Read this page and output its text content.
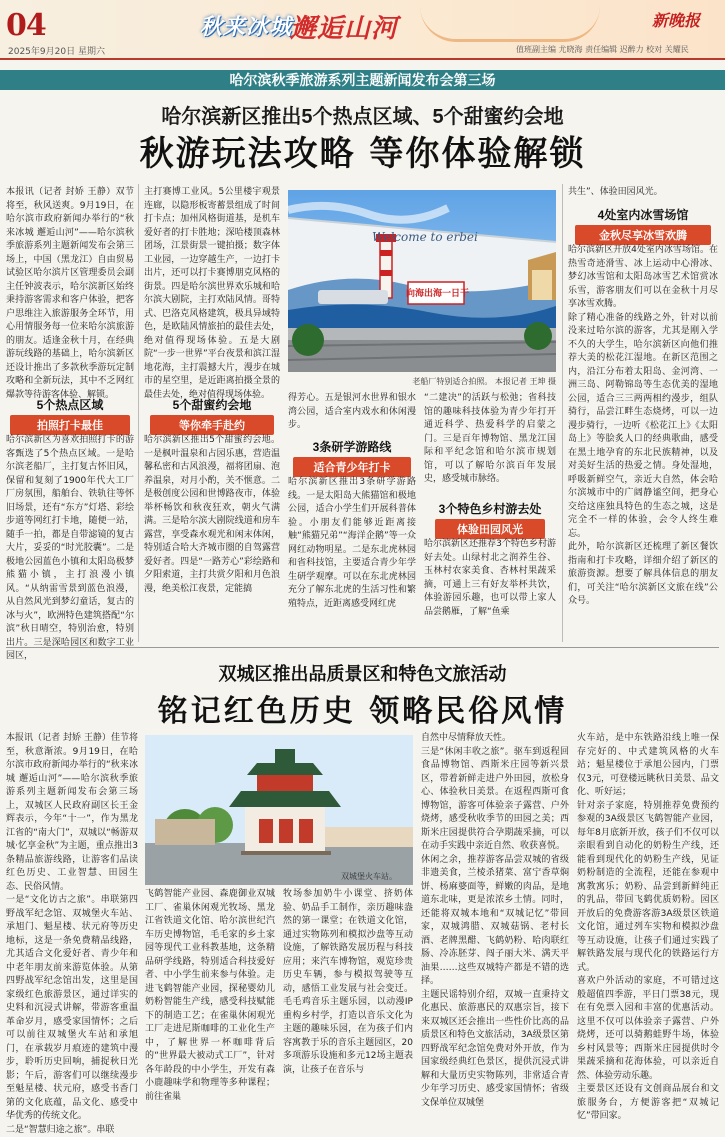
04
2025年9月20日 星期六
秋来冰城
邂逅山河	新晚报
值班副主编 尤晓海 责任编辑 迟醉力 校对 关耀民
哈尔滨秋季旅游系列主题新闻发布会第三场
哈尔滨新区推出5个热点区域、5个甜蜜约会地
秋游玩法攻略 等你体验解锁
本报讯（记者 封娇 王静）双节将至，秋风送爽。9月19日，在哈尔滨市政府新闻办举行的“秋来冰城 邂逅山河”——哈尔滨秋季旅游系列主题新闻发布会第三场上，中国（黑龙江）自由贸易试验区哈尔滨片区管理委员会副主任钟波表示，哈尔滨新区始终秉持游客需求和客户体验，把客户思维注入旅游服务全环节，用心用情服务每一位来哈尔滨旅游的朋友。适逢金秋十月，在经典游玩线路的基础上，哈尔滨新区还设计推出了多款秋季游玩定制攻略和全新玩法，其中不乏网红爆款等待游客体验、解锁。
5个热点区域
拍照打卡最佳
哈尔滨新区为喜欢拍照打卡的游客甄选了5个热点区域。一是哈尔滨老船厂，主打复古怀旧风，保留和复刻了1900年代大工厂厂房氛围，船舶台、铁轨往等怀旧场景，还有“东方”灯塔、彩绘步道等网红打卡地，随便一站，随手一拍，都是自带滤镜的复古大片，妥妥的“时光胶囊”。二是极地公园蓝色小镇和太阳岛极梦熊猫小镇，主打浪漫小镇风。“从纳雷雪景到蓝色浪漫，从自然风光到梦幻童话，复古的冰与火”，欧洲特色建筑搭配“尔滨”秋日晴空，特别治愈，特别出片。三是深哈园区和数字工业园区，
主打赛博工业风。5公里楼宇观景连廊，以隐形板寄蓄景组成了时间打卡点；加州风格街道基，是机车爱好者的打卡胜地；深哈楼顶森林团场，江景街景一键拍摄；数字体工业园，一边穿越生产，一边打卡出片，还可以打卡赛博朋克风格的街景。四是哈尔滨世界欢乐城和哈尔滨大剧院，主打欢陆风情。哥特式、巴洛克风格建筑，极具异域特色，是欧陆风情旅拍的最佳去处，绝对值得现场体验。五是大剧院“一步一世界”平台夜景和滨江湿地花海，主打震撼大片，漫步在城市的星空里，是近距离拍摄全景的最佳去处，绝对值得现场体验。
5个甜蜜约会地
等你牵手赴约
哈尔滨新区推出5个甜蜜约会地。一是枫叶温泉和占园乐惠，营造温馨私密和古风浪漫，福将团扇、泡养温泉，对月小酌，关不惬意。二是极创度公园和世博路夜市，体验举杯畅饮和秋夜狂欢，朝火气满满。三是哈尔滨大剧院线道和房车露营，享受森水观光和闲末体闲，特别适合哈大齐城市圈的自驾露营爱好者。四是“一路芳心”彩绘路和夕阳索道，主打共赏夕阳和月色浪漫，绝美松江夜景，定能搞
Welcome to erbei
向海出海一日干
老船厂特别适合拍照。 本报记者 王坤 摄
得芳心。五是银河水世界和银水湾公园，适合室内戏水和休闲漫步。
3条研学游路线
适合青少年打卡
哈尔滨新区推出3条研学游路线。一是太阳岛大熊猫馆和极地公园，适合小学生们开展科普体验。小朋友们能够近距离接触“熊猫兄弟”“海洋企鹅”等一众网红动物明星。二是东北虎林园和省科技馆，主要适合青少年学生研学观摩。可以在东北虎林园充分了解东北虎的生活习性和繁殖特点，近距离感受网红虎
“二建决”的活跃与松弛；省科技馆的趣味科技体验为青少年打开通近科学、热爱科学的启蒙之门。三是百年博物馆、黑龙江国际和平纪念馆和哈尔滨市规划馆，可以了解哈尔滨百年发展史，感受城市脉络。
3个特色乡村游去处
体验田园风光
哈尔滨新区还推荐3个特色乡村游好去处。山绿村北之润养生谷、玉林村农家美食、杏林村果蔬采摘，可通上三有好友举杯共饮，体验游园乐趣，也可以带上家人品尝鹅雁，了解“鱼乘
共生”、体验田园风光。
4处室内冰雪场馆
金秋尽享冰雪欢腾
哈尔滨新区开放4处室内冰雪场馆。在热雪奇迹滑雪、冰上运动中心滑冰、梦幻冰雪馆和太阳岛冰雪艺术馆赏冰乐雪，游客朋友们可以在金秋十月尽享冰雪欢腾。
除了精心准备的线路之外，针对以前没来过哈尔滨的游客，尤其是刚入学不久的大学生，哈尔滨新区向他们推荐大美的松花江湿地。在新区范围之内，沿江分布着太阳岛、金河湾、一洲三岛、阿勒锦岛等生态优美的湿地公园，适合三三两两相约漫步，组队骑行，品尝江畔生态烧烤，可以一边漫步骑行，一边听《松花江上》《太阳岛上》等脍炙人口的经典歌曲，感受在黑土地孕育的东北民族精神，以及对美好生活的热爱之情。身处湿地，呼吸新鲜空气，亲近大自然，体会哈尔滨城市中的广阔静谧空间，把身心交给这座独具特色的生态之城，这是完全不一样的体验，会令人终生难忘。
此外，哈尔滨新区还梳理了新区餐饮指南和打卡攻略，详细介绍了新区的旅游资源。想要了解具体信息的朋友们，可关注“哈尔滨新区文旅在线”公众号。
双城区推出品质景区和特色文旅活动
铭记红色历史 领略民俗风情
本报讯（记者 封娇 王静）佳节将至，秋意渐浓。9月19日，在哈尔滨市政府新闻办举行的“秋来冰城 邂逅山河”——哈尔滨秋季旅游系列主题新闻发布会第三场上，双城区人民政府副区长王金辉表示，今年“十一”，作为黑龙江省的“南大门”，双城以“畅游双城·忆享金秋”为主题，重点推出3条精品旅游线路，让游客们品读红色历史、工业智慧、田园生态、民俗风情。
一是“文化访古之旅”。串联第四野战军纪念馆、双城堡火车站、承旭门、魁星楼、状元府等历史地标，这是一条免费精品线路，尤其适合文化爱好者、青少年和中老年朋友前来游览体验。从第四野战军纪念馆出发，这里是国家级红色旅游景区，通过详实的史料和沉浸式讲解，带游客重温革命岁月，感受家国情怀；之后可以前往双城堡火车站和承旭门，在承载岁月痕迹的建筑中漫步，聆听历史回响，捕捉秋日光影；午后，游客们可以继续漫步至魁星楼、状元府，感受书香门第的文化底蕴，品文化、感受中华优秀的传统文化。
二是“智慧归途之旅”。串联
双城堡火车站。
飞鹤智能产业园、森鹿御业双城工厂、雀巢休闲观光牧场、黑龙江省铁道文化馆、哈尔滨世纪汽车历史博物馆，毛毛家的乡土家园等现代工业科教基地，这条精品研学线路，特别适合科技爱好者、中小学生前来参与体验。走进飞鹤智能产业园，探秘婴幼儿奶粉智能生产线，感受科技赋能下的制造工艺；在雀巢休闲观光工厂走进尼斯咖啡的工业化生产中，了解世界一杯咖啡背后的“世界最大被动式工厂”，针对各年龄段的中小学生，开发有森小鹿趣味学和物理等多种课程；前往雀巢
牧场参加奶牛小课堂、挤奶体验、奶品手工制作，亲历趣味盎然的第一课堂；在铁道文化馆，通过实物陈列和模拟沙盘等互动设施，了解铁路发展历程与科技应用；来汽车博物馆，观览珍贵历史车辆，参与模拟驾驶等互动，感悟工业发展与社会变迁。毛毛鸡音乐主题乐园，以动漫IP重构乡村学，打造以音乐文化为主题的趣味乐园，在为孩子们内容寓教于乐的音乐主题园区，20多项游乐设施和多元12场主题表演，让孩子在音乐与
自然中尽情释放天性。
三是“休闲丰收之旅”。驱车到返程回食品博物馆、西斯米庄园等新兴景区，带着新鲜走进户外田园，放松身心、体验秋日美景。在返程西斯可食博物馆，游客可体验亲子露营、户外烧烤，感受秋收季节的田园之美；西斯米庄园提供符合孕期蔬采摘，可以在动手实践中亲近自然、收获喜悦。
休闲之余，推荐游客品尝双城的省级非遗美食，兰棱杀猪菜、富宁香草焖饼、杨麻婆面等，鲜嫩的肉品，是地道东北味，更是浓浓乡土情。同时，还能将双城本地和“双城记忆”带回家，双城鸿腊、双城菇锅、老村长酒、老牌黑醋、飞鹤奶粉、哈肉联红肠、冷冻胚芽、闯子丽大米、满天平油果……这些双城特产都是不错的选择。
主题民谣特别介绍，双城一直秉持文化惠民、旅游惠民的双惠宗旨，接下来双城区还会推出一些性价比高的品质景区和特色文旅活动，3A级景区第四野战军纪念馆免费对外开放，作为国家级经典红色景区，提供沉浸式讲解和大量历史实物陈列，非常适合青少年学习历史、感受家国情怀；省级文保单位双城堡
火车站，是中东铁路沿线上唯一保存完好的、中式建筑风格的火车站；魁星楼位于承旭公园内，门票仅3元，可登楼远眺秋日美景、品文化、听好运；
针对亲子家庭，特别推荐免费预约参观的3A级景区飞鹤智能产业园，每年8月底新开放，孩子们不仅可以亲眼看到自动化的奶粉生产线，还能看到现代化的奶粉生产线，见证奶粉制造的全流程，还能在参观中寓教寓乐；奶粉、品尝到新鲜纯正的乳品，带回飞鹤优质奶粉。园区开放后的免费游客游3A级景区铁道文化馆，通过列车实物和模拟沙盘等互动设施，让孩子们通过实践了解铁路发展与现代化的铁路运行方式。
喜欢户外活动的家庭，不可错过这般超值四季游，平日门票38元，现在有免票入园和丰富的优惠活动。这里不仅可以体验亲子露营、户外烧烤，还可以骑鹅蛙野牛场，体验乡村风景等；西斯米庄园提供时令果蔬采摘和花海体验，可以亲近自然、体验劳动乐趣。
主要景区还设有文创商品展台和文旅服务台，方便游客把“双城记忆”带回家。
